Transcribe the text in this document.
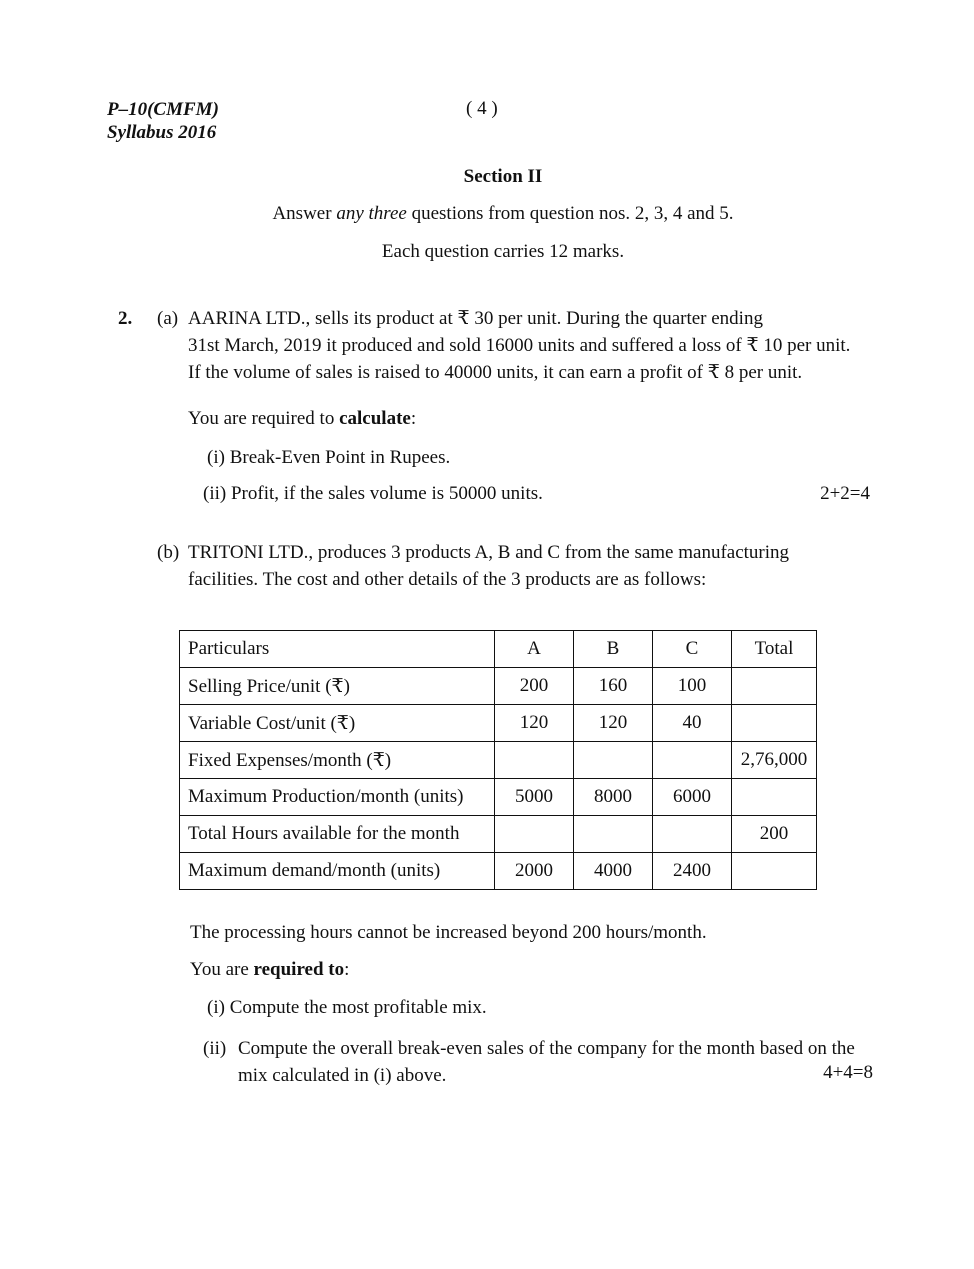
P–10(CMFM)
Syllabus 2016
( 4 )
Section II
Answer any three questions from question nos. 2, 3, 4 and 5.
Each question carries 12 marks.
2. (a) AARINA LTD., sells its product at ₹ 30 per unit. During the quarter ending
31st March, 2019 it produced and sold 16000 units and suffered a loss of ₹ 10 per unit.
If the volume of sales is raised to 40000 units, it can earn a profit of ₹ 8 per unit.
You are required to calculate:
(i) Break-Even Point in Rupees.
(ii) Profit, if the sales volume is 50000 units.	2+2=4
(b) TRITONI LTD., produces 3 products A, B and C from the same manufacturing
facilities. The cost and other details of the 3 products are as follows:
Particulars	A	B	C	Total
Selling Price/unit (₹)	200	160	100	
Variable Cost/unit (₹)	120	120	40	
Fixed Expenses/month (₹)				2,76,000
Maximum Production/month (units)	5000	8000	6000	
Total Hours available for the month				200
Maximum demand/month (units)	2000	4000	2400	
The processing hours cannot be increased beyond 200 hours/month.
You are required to:
(i) Compute the most profitable mix.
(ii) Compute the overall break-even sales of the company for the month based on the
mix calculated in (i) above.	4+4=8
